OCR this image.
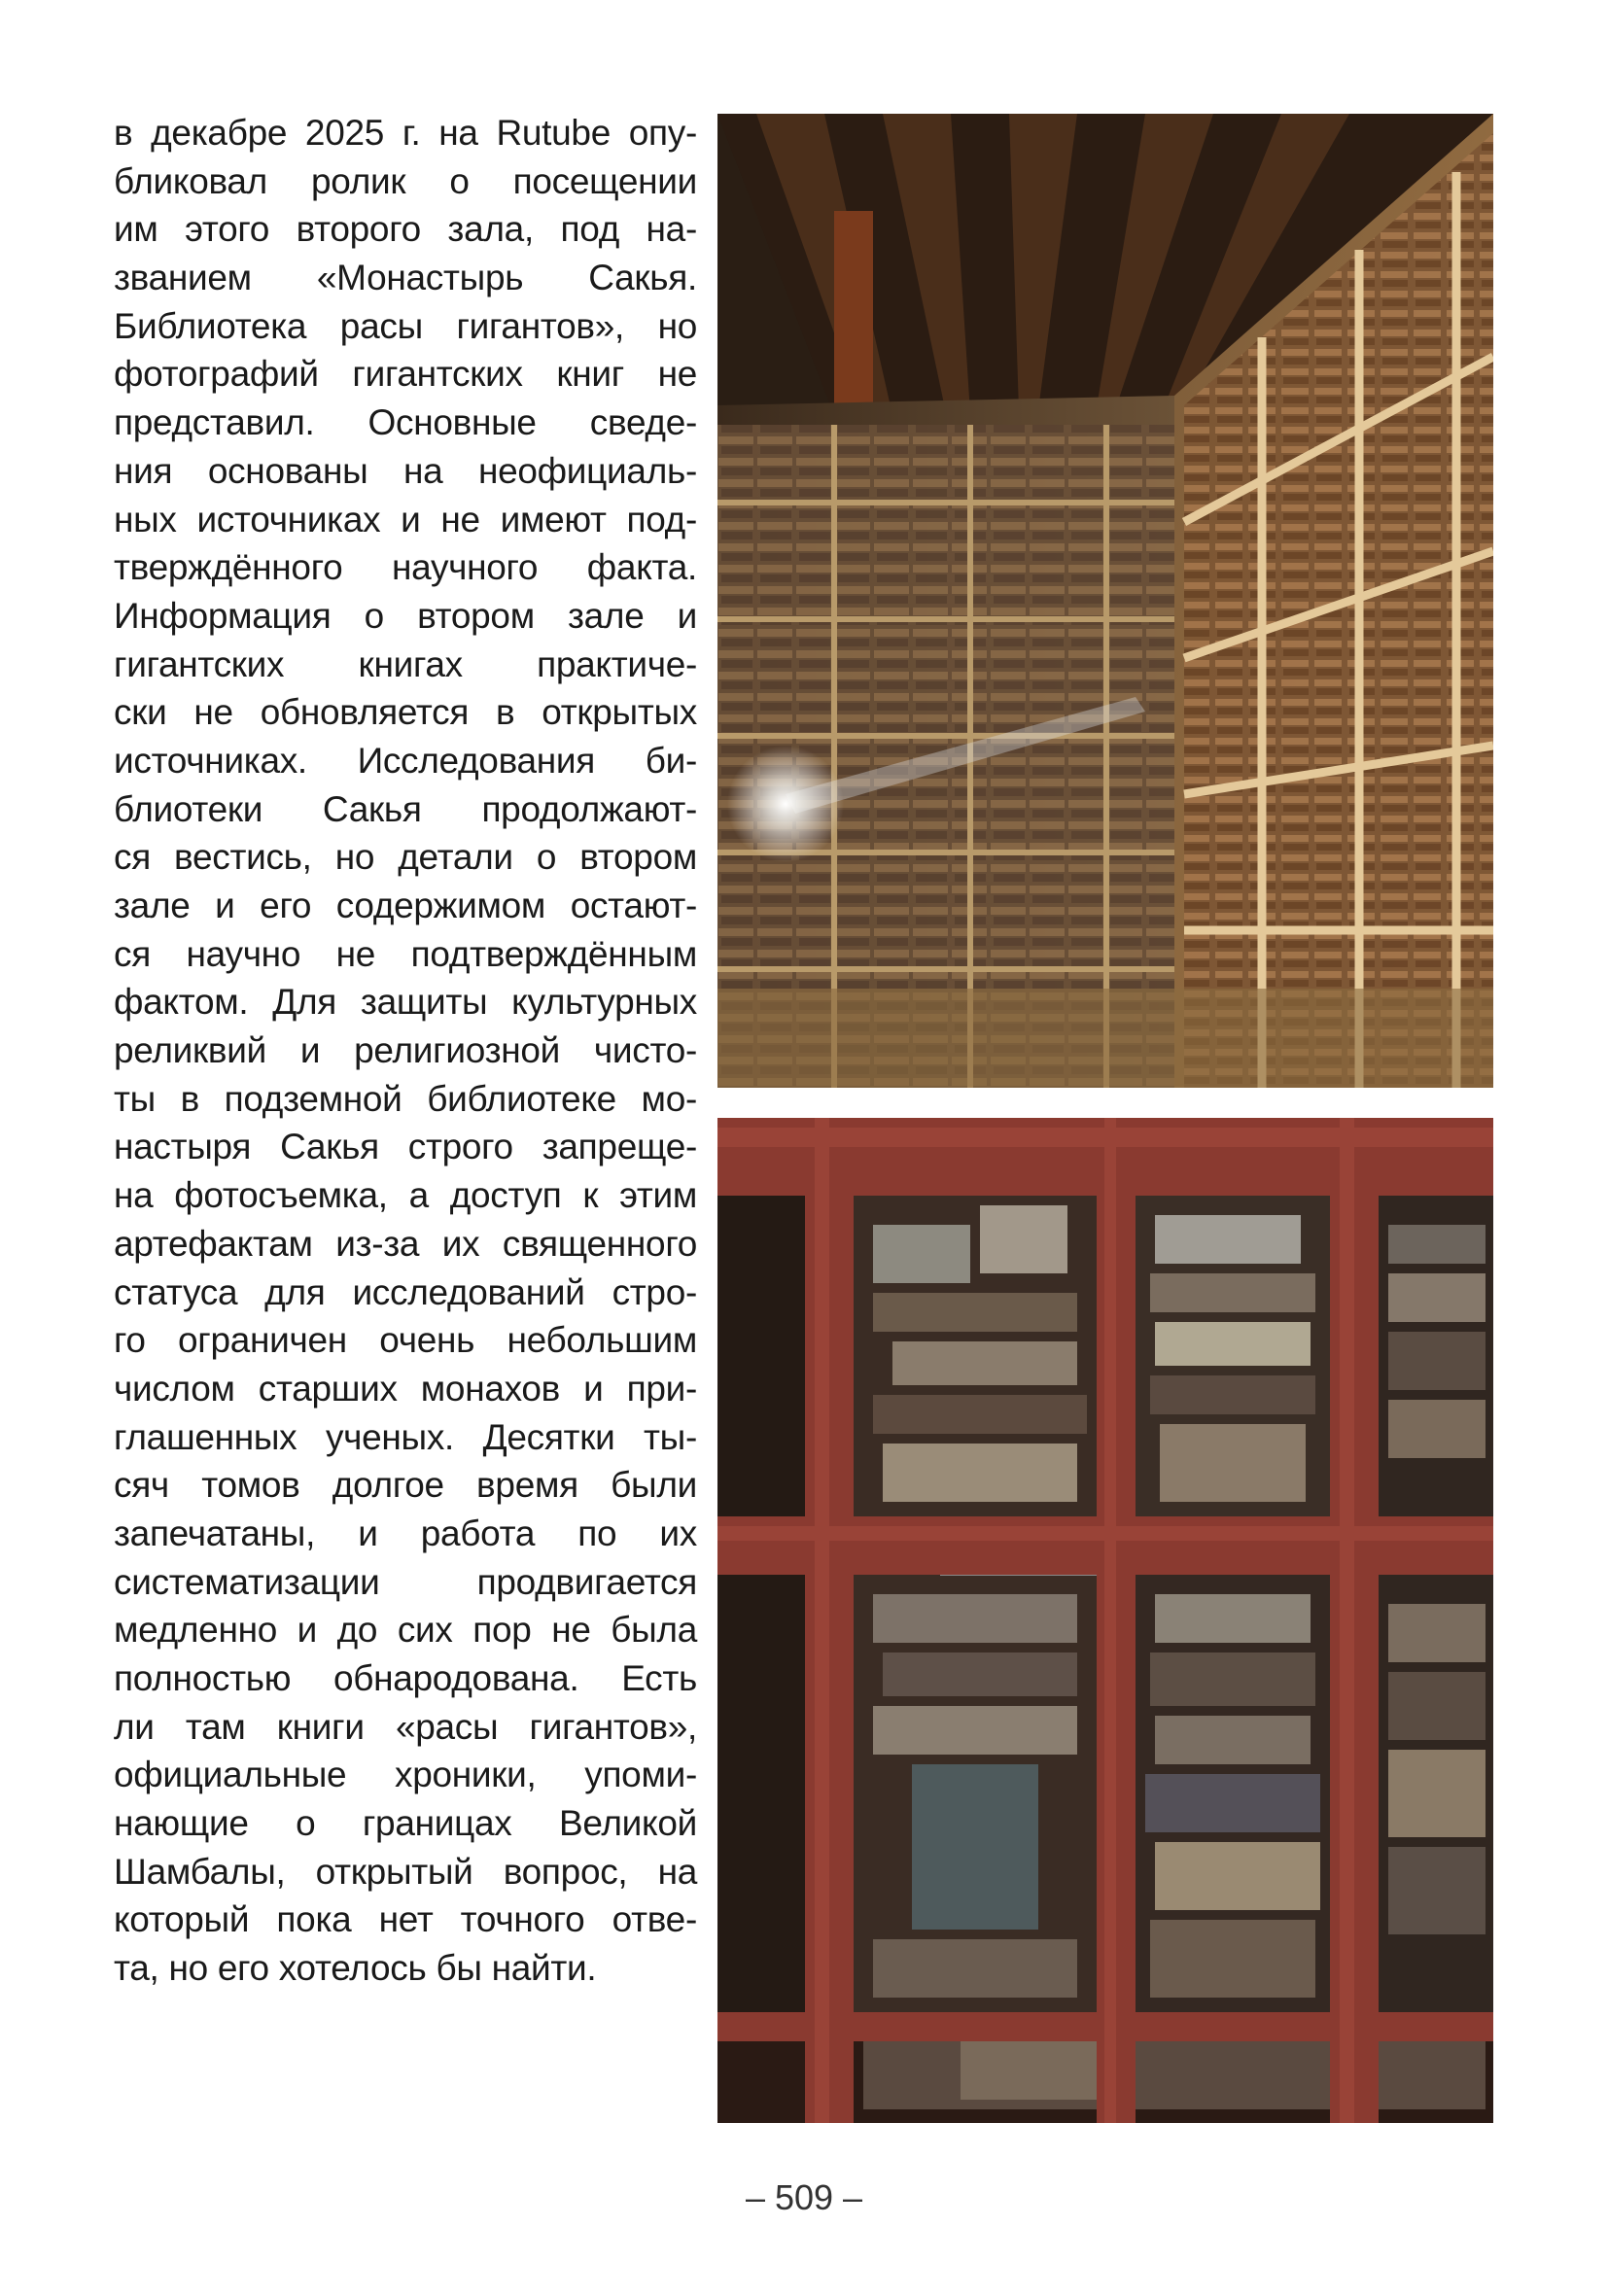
в декабре 2025 г. на Rutube опу-
бликовал ролик о посещении
им этого второго зала, под на-
званием «Монастырь Сакья.
Библиотека расы гигантов», но
фотографий гигантских книг не
представил. Основные сведе-
ния основаны на неофициаль-
ных источниках и не имеют под-
тверждённого научного факта.
Информация о втором зале и
гигантских книгах практиче-
ски не обновляется в открытых
источниках. Исследования би-
блиотеки Сакья продолжают-
ся вестись, но детали о втором
зале и его содержимом остают-
ся научно не подтверждённым
фактом. Для защиты культурных
реликвий и религиозной чисто-
ты в подземной библиотеке мо-
настыря Сакья строго запреще-
на фотосъемка, а доступ к этим
артефактам из-за их священного
статуса для исследований стро-
го ограничен очень небольшим
числом старших монахов и при-
глашенных ученых. Десятки ты-
сяч томов долгое время были
запечатаны, и работа по их
систематизации продвигается
медленно и до сих пор не была
полностью обнародована. Есть
ли там книги «расы гигантов»,
официальные хроники, упоми-
нающие о границах Великой
Шамбалы, открытый вопрос, на
который пока нет точного отве-
та, но его хотелось бы найти.
– 509 –
